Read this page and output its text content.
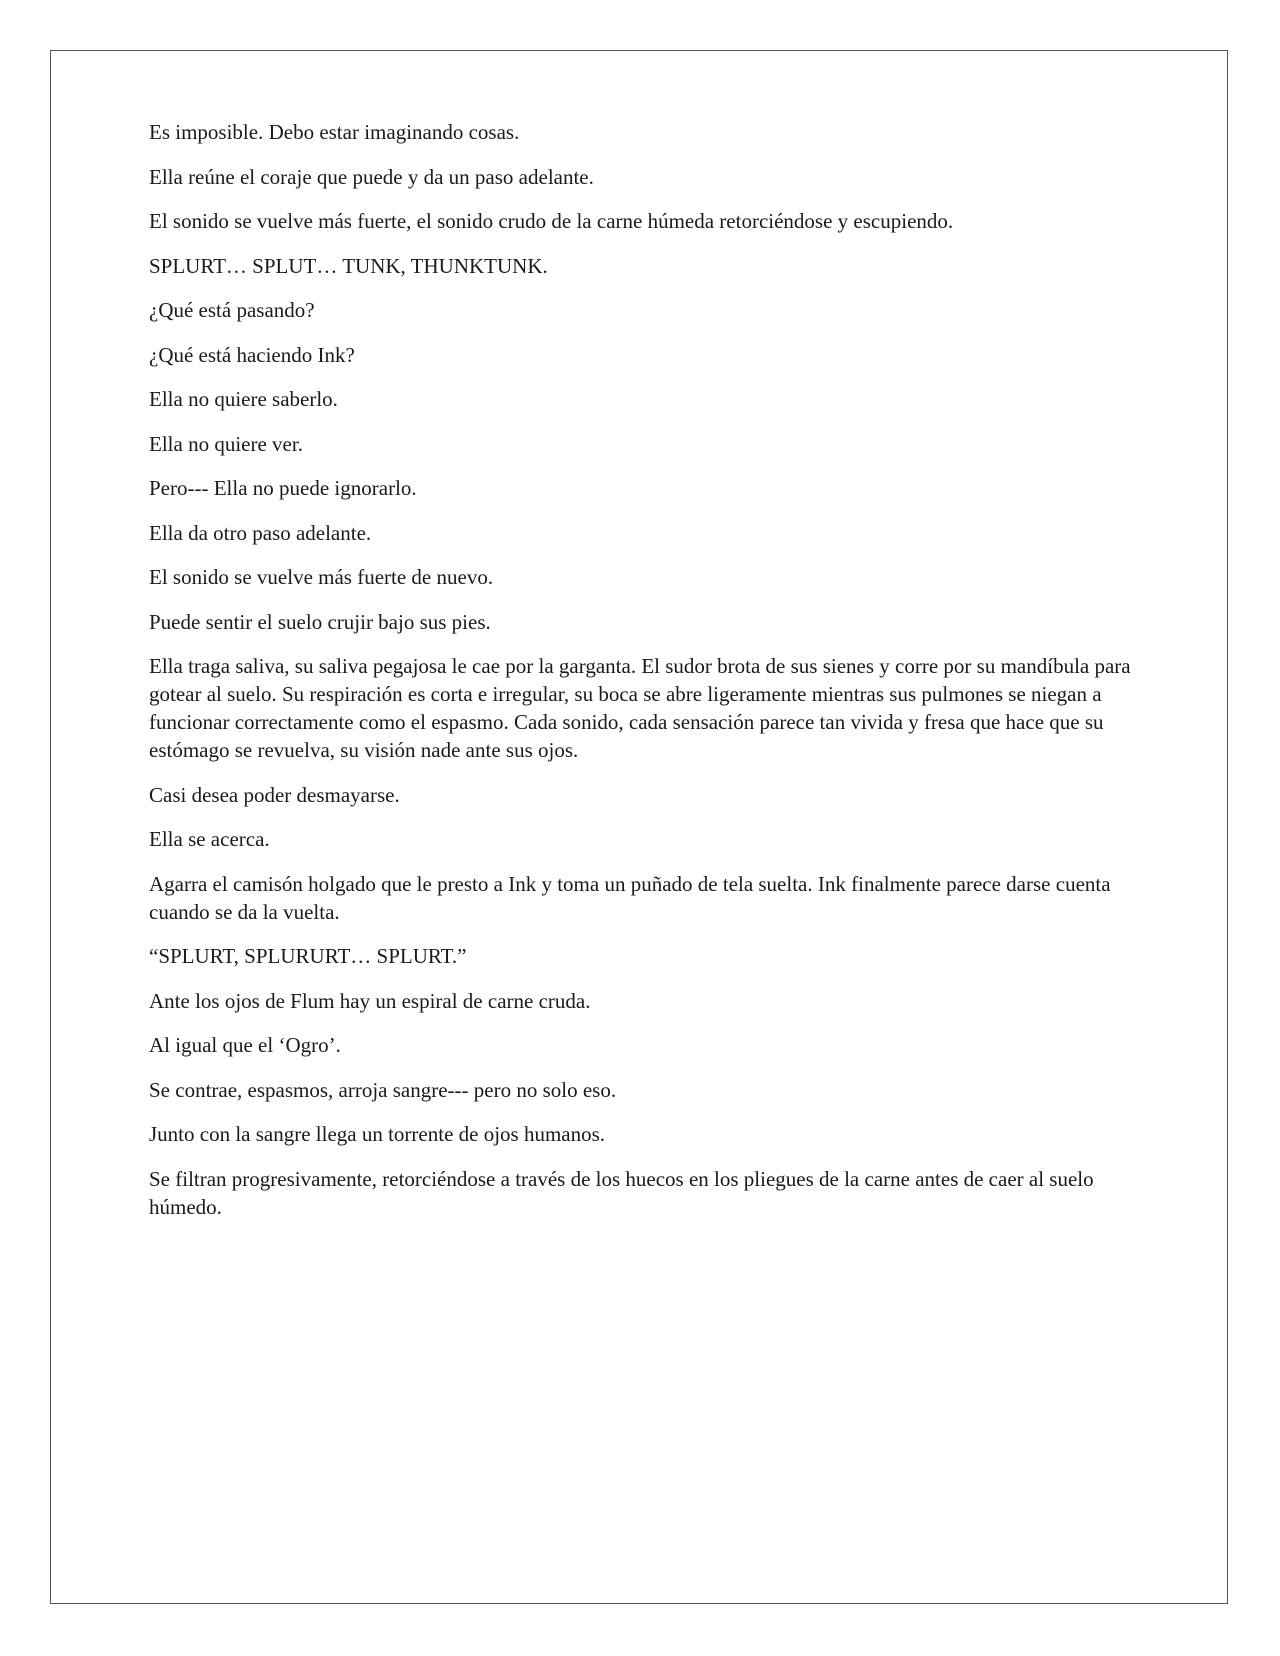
Es imposible. Debo estar imaginando cosas.

Ella reúne el coraje que puede y da un paso adelante.

El sonido se vuelve más fuerte, el sonido crudo de la carne húmeda retorciéndose y escupiendo.

SPLURT… SPLUT… TUNK, THUNKTUNK.

¿Qué está pasando?

¿Qué está haciendo Ink?

Ella no quiere saberlo.

Ella no quiere ver.

Pero--- Ella no puede ignorarlo.

Ella da otro paso adelante.

El sonido se vuelve más fuerte de nuevo.

Puede sentir el suelo crujir bajo sus pies.

Ella traga saliva, su saliva pegajosa le cae por la garganta. El sudor brota de sus sienes y corre por su mandíbula para gotear al suelo. Su respiración es corta e irregular, su boca se abre ligeramente mientras sus pulmones se niegan a funcionar correctamente como el espasmo. Cada sonido, cada sensación parece tan vivida y fresa que hace que su estómago se revuelva, su visión nade ante sus ojos.

Casi desea poder desmayarse.

Ella se acerca.

Agarra el camisón holgado que le presto a Ink y toma un puñado de tela suelta. Ink finalmente parece darse cuenta cuando se da la vuelta.

“SPLURT, SPLURURT… SPLURT.”

Ante los ojos de Flum hay un espiral de carne cruda.

Al igual que el ‘Ogro’.

Se contrae, espasmos, arroja sangre--- pero no solo eso.

Junto con la sangre llega un torrente de ojos humanos.

Se filtran progresivamente, retorciéndose a través de los huecos en los pliegues de la carne antes de caer al suelo húmedo.
